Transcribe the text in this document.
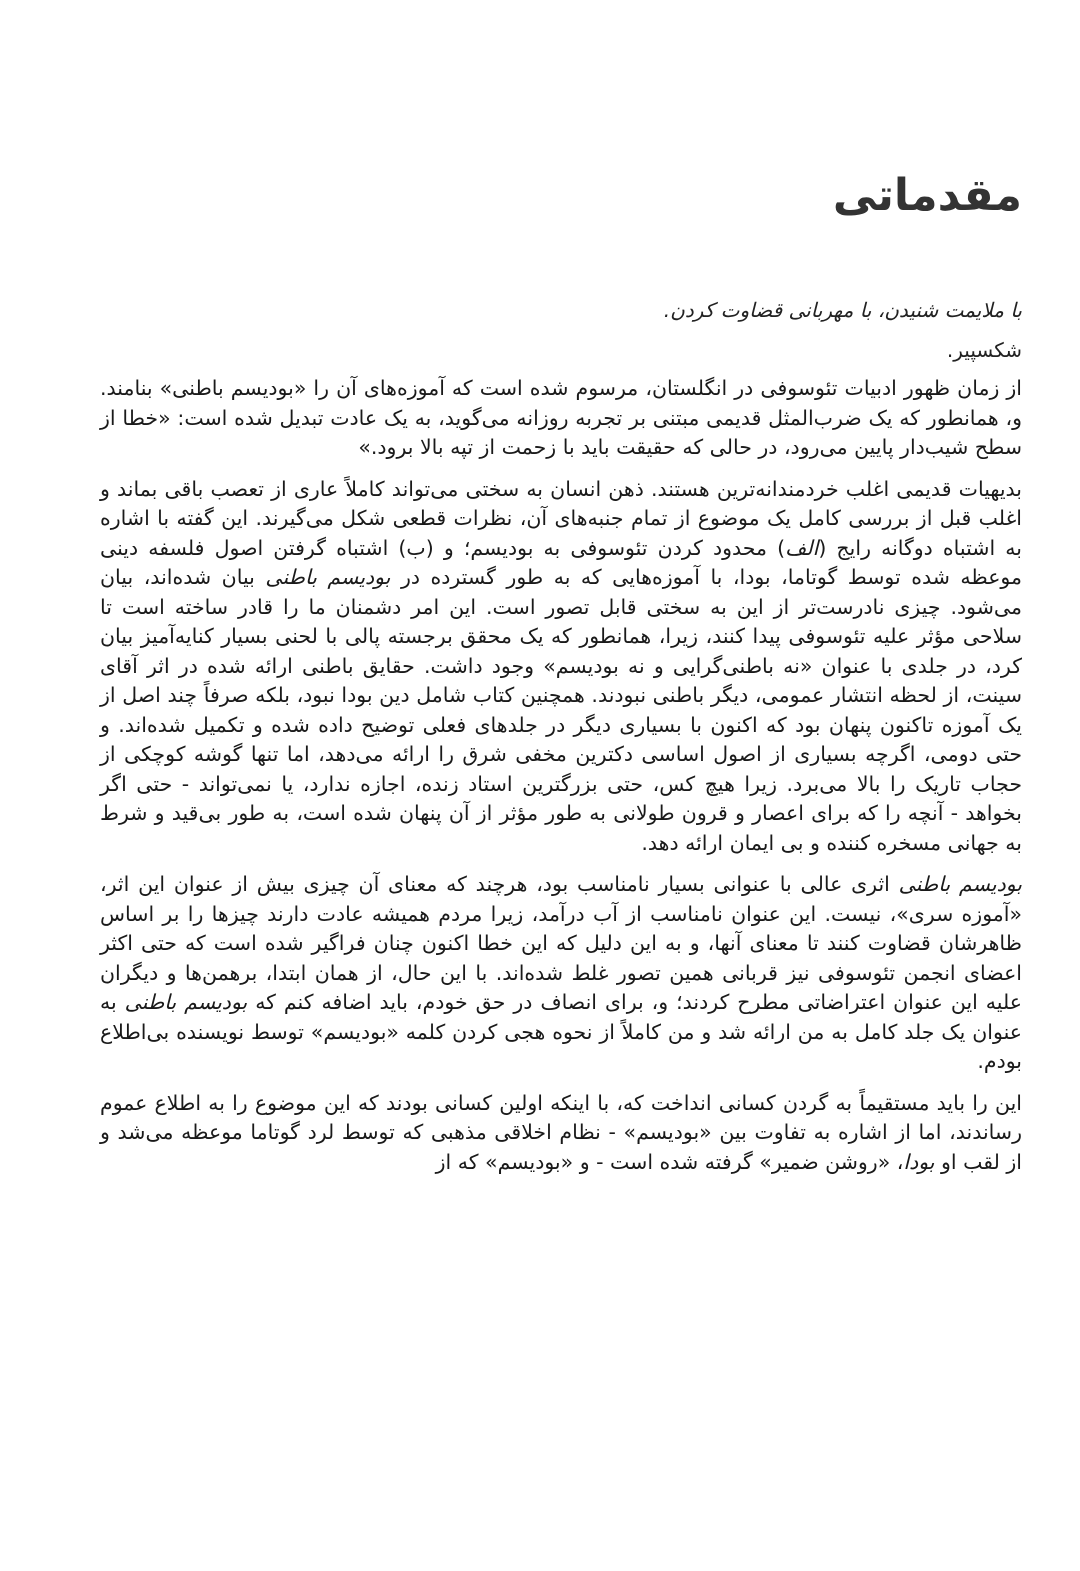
مقدماتی

با ملایمت شنیدن، با مهربانی قضاوت کردن.

شکسپیر.

از زمان ظهور ادبیات تئوسوفی در انگلستان، مرسوم شده است که آموزه‌های آن را «بودیسم باطنی» بنامند. و، همانطور که یک ضرب‌المثل قدیمی مبتنی بر تجربه روزانه می‌گوید، به یک عادت تبدیل شده است: «خطا از سطح شیب‌دار پایین می‌رود، در حالی که حقیقت باید با زحمت از تپه بالا برود.»

بدیهیات قدیمی اغلب خردمندانه‌ترین هستند. ذهن انسان به سختی می‌تواند کاملاً عاری از تعصب باقی بماند و اغلب قبل از بررسی کامل یک موضوع از تمام جنبه‌های آن، نظرات قطعی شکل می‌گیرند. این گفته با اشاره به اشتباه دوگانه رایج (الف) محدود کردن تئوسوفی به بودیسم؛ و (ب) اشتباه گرفتن اصول فلسفه دینی موعظه شده توسط گوتاما، بودا، با آموزه‌هایی که به طور گسترده در بودیسم باطنی بیان شده‌اند، بیان می‌شود. چیزی نادرست‌تر از این به سختی قابل تصور است. این امر دشمنان ما را قادر ساخته است تا سلاحی مؤثر علیه تئوسوفی پیدا کنند، زیرا، همانطور که یک محقق برجسته پالی با لحنی بسیار کنایه‌آمیز بیان کرد، در جلدی با عنوان «نه باطنی‌گرایی و نه بودیسم» وجود داشت. حقایق باطنی ارائه شده در اثر آقای سینت، از لحظه انتشار عمومی، دیگر باطنی نبودند. همچنین کتاب شامل دین بودا نبود، بلکه صرفاً چند اصل از یک آموزه تاکنون پنهان بود که اکنون با بسیاری دیگر در جلدهای فعلی توضیح داده شده و تکمیل شده‌اند. و حتی دومی، اگرچه بسیاری از اصول اساسی دکترین مخفی شرق را ارائه می‌دهد، اما تنها گوشه کوچکی از حجاب تاریک را بالا می‌برد. زیرا هیچ کس، حتی بزرگترین استاد زنده، اجازه ندارد، یا نمی‌تواند - حتی اگر بخواهد - آنچه را که برای اعصار و قرون طولانی به طور مؤثر از آن پنهان شده است، به طور بی‌قید و شرط به جهانی مسخره کننده و بی ایمان ارائه دهد.

بودیسم باطنی اثری عالی با عنوانی بسیار نامناسب بود، هرچند که معنای آن چیزی بیش از عنوان این اثر، «آموزه سری»، نیست. این عنوان نامناسب از آب درآمد، زیرا مردم همیشه عادت دارند چیزها را بر اساس ظاهرشان قضاوت کنند تا معنای آنها، و به این دلیل که این خطا اکنون چنان فراگیر شده است که حتی اکثر اعضای انجمن تئوسوفی نیز قربانی همین تصور غلط شده‌اند. با این حال، از همان ابتدا، برهمن‌ها و دیگران علیه این عنوان اعتراضاتی مطرح کردند؛ و، برای انصاف در حق خودم، باید اضافه کنم که بودیسم باطنی به عنوان یک جلد کامل به من ارائه شد و من کاملاً از نحوه هجی کردن کلمه «بودیسم» توسط نویسنده بی‌اطلاع بودم.

این را باید مستقیماً به گردن کسانی انداخت که، با اینکه اولین کسانی بودند که این موضوع را به اطلاع عموم رساندند، اما از اشاره به تفاوت بین «بودیسم» - نظام اخلاقی مذهبی که توسط لرد گوتاما موعظه می‌شد و از لقب او بودا، «روشن ضمیر» گرفته شده است - و «بودیسم» که از
